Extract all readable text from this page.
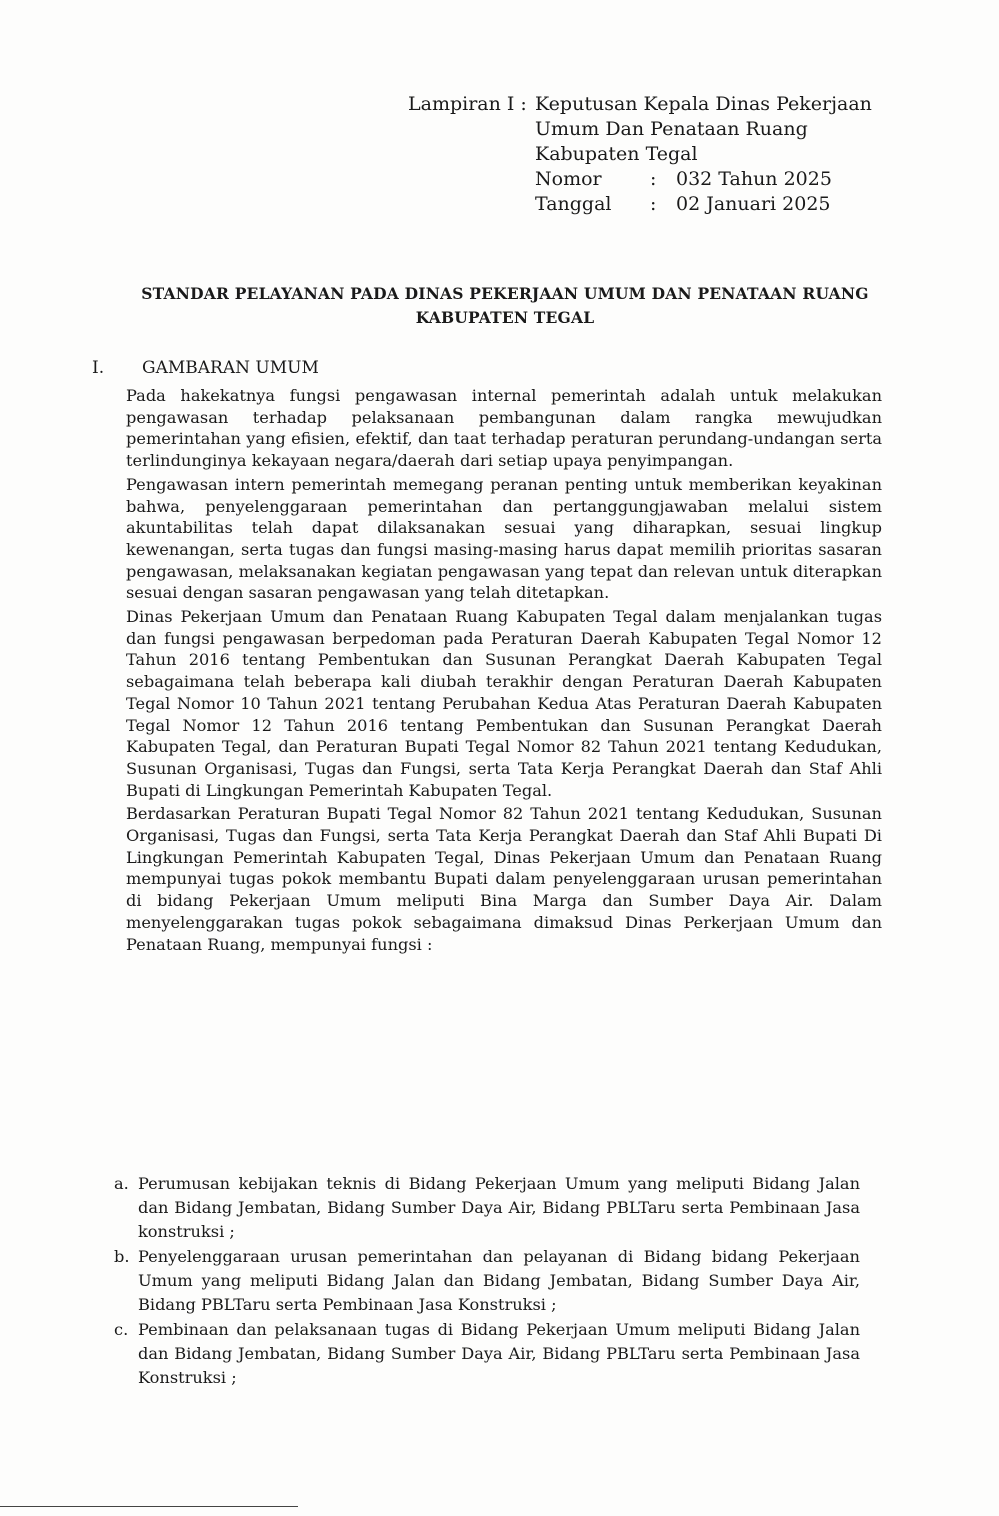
Lampiran I : Keputusan Kepala Dinas Pekerjaan
Umum Dan Penataan Ruang
Kabupaten Tegal
Nomor	:	032 Tahun 2025
Tanggal	:	02 Januari 2025
STANDAR PELAYANAN PADA DINAS PEKERJAAN UMUM DAN PENATAAN RUANG
KABUPATEN TEGAL
I.	GAMBARAN UMUM

Pada hakekatnya fungsi pengawasan internal pemerintah adalah untuk melakukan pengawasan terhadap pelaksanaan pembangunan dalam rangka mewujudkan pemerintahan yang efisien, efektif, dan taat terhadap peraturan perundang-undangan serta terlindunginya kekayaan negara/daerah dari setiap upaya penyimpangan.

Pengawasan intern pemerintah memegang peranan penting untuk memberikan keyakinan bahwa, penyelenggaraan pemerintahan dan pertanggungjawaban melalui sistem akuntabilitas telah dapat dilaksanakan sesuai yang diharapkan, sesuai lingkup kewenangan, serta tugas dan fungsi masing-masing harus dapat memilih prioritas sasaran pengawasan, melaksanakan kegiatan pengawasan yang tepat dan relevan untuk diterapkan sesuai dengan sasaran pengawasan yang telah ditetapkan.

Dinas Pekerjaan Umum dan Penataan Ruang Kabupaten Tegal dalam menjalankan tugas dan fungsi pengawasan berpedoman pada Peraturan Daerah Kabupaten Tegal Nomor 12 Tahun 2016 tentang Pembentukan dan Susunan Perangkat Daerah Kabupaten Tegal sebagaimana telah beberapa kali diubah terakhir dengan Peraturan Daerah Kabupaten Tegal Nomor 10 Tahun 2021 tentang Perubahan Kedua Atas Peraturan Daerah Kabupaten Tegal Nomor 12 Tahun 2016 tentang Pembentukan dan Susunan Perangkat Daerah Kabupaten Tegal, dan Peraturan Bupati Tegal Nomor 82 Tahun 2021 tentang Kedudukan, Susunan Organisasi, Tugas dan Fungsi, serta Tata Kerja Perangkat Daerah dan Staf Ahli Bupati di Lingkungan Pemerintah Kabupaten Tegal.

Berdasarkan Peraturan Bupati Tegal Nomor 82 Tahun 2021 tentang Kedudukan, Susunan Organisasi, Tugas dan Fungsi, serta Tata Kerja Perangkat Daerah dan Staf Ahli Bupati Di Lingkungan Pemerintah Kabupaten Tegal, Dinas Pekerjaan Umum dan Penataan Ruang mempunyai tugas pokok membantu Bupati dalam penyelenggaraan urusan pemerintahan di bidang Pekerjaan Umum meliputi Bina Marga dan Sumber Daya Air. Dalam menyelenggarakan tugas pokok sebagaimana dimaksud Dinas Perkerjaan Umum dan Penataan Ruang, mempunyai fungsi :

a. Perumusan kebijakan teknis di Bidang Pekerjaan Umum yang meliputi Bidang Jalan dan Bidang Jembatan, Bidang Sumber Daya Air, Bidang PBLTaru serta Pembinaan Jasa konstruksi ;
b. Penyelenggaraan urusan pemerintahan dan pelayanan di Bidang bidang Pekerjaan Umum yang meliputi Bidang Jalan dan Bidang Jembatan, Bidang Sumber Daya Air, Bidang PBLTaru serta Pembinaan Jasa Konstruksi ;
c. Pembinaan dan pelaksanaan tugas di Bidang Pekerjaan Umum meliputi Bidang Jalan dan Bidang Jembatan, Bidang Sumber Daya Air, Bidang PBLTaru serta Pembinaan Jasa Konstruksi ;
